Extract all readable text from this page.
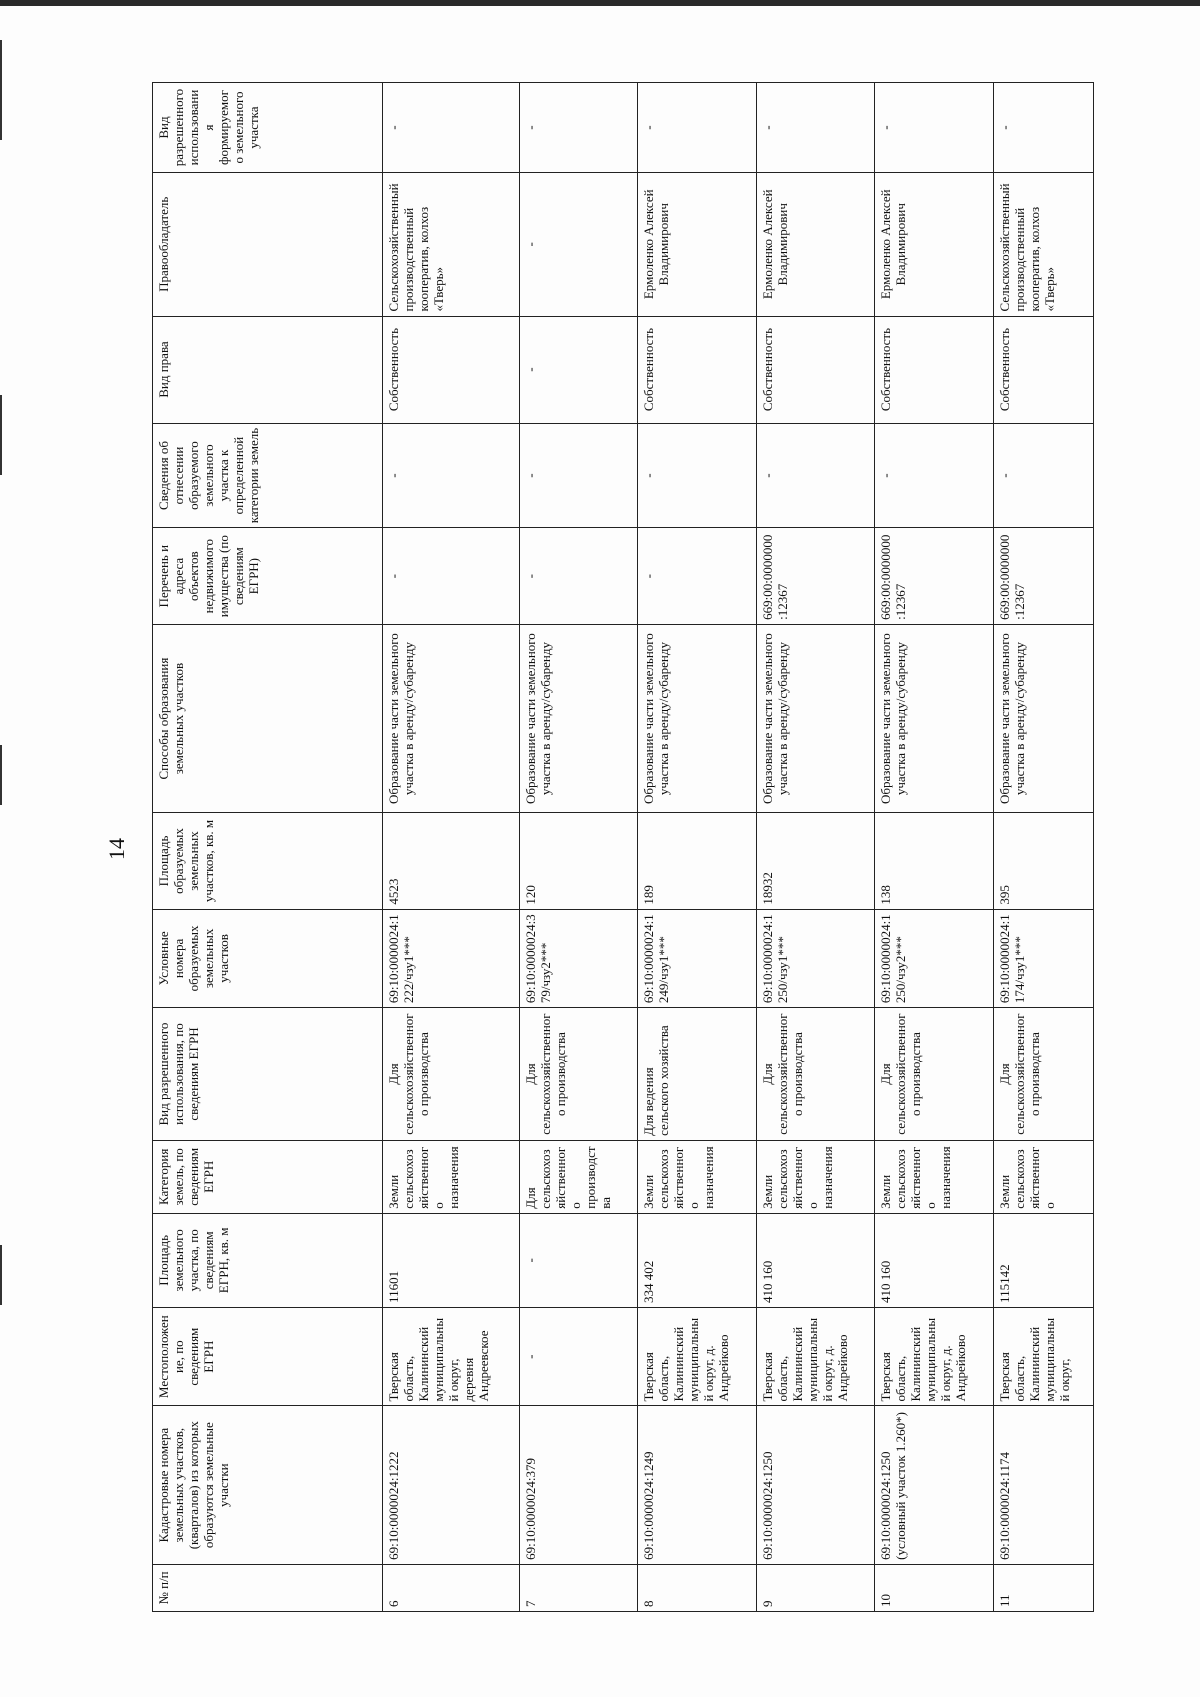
14
№ п/п	Кадастровые номера земельных участков, (кварталов) из которых образуются земельные участки	Местоположение, по сведениям ЕГРН	Площадь земельного участка, по сведениям ЕГРН, кв. м	Категория земель, по сведениям ЕГРН	Вид разрешенного использования, по сведениям ЕГРН	Условные номера образуемых земельных участков	Площадь образуемых земельных участков, кв. м	Способы образования земельных участков	Перечень и адреса объектов недвижимого имущества (по сведениям ЕГРН)	Сведения об отнесении образуемого земельного участка к определенной категории земель	Вид права	Правообладатель	Вид разрешенного использования формируемого земельного участка
6	69:10:0000024:1222	Тверская область, Калининский муниципальный округ, деревня Андреевское	11601	Земли сельскохозяйственного назначения	Для сельскохозяйственного производства	69:10:0000024:1222/чзу1***	4523	Образование части земельного участка в аренду/субаренду	-	-	Собственность	Сельскохозяйственный производственный кооператив, колхоз «Тверь»	-
7	69:10:0000024:379	-	-	Для сельскохозяйственного производства	Для сельскохозяйственного производства	69:10:0000024:379/чзу2***	120	Образование части земельного участка в аренду/субаренду	-	-	-	-	-
8	69:10:0000024:1249	Тверская область, Калининский муниципальный округ, д. Андрейково	334 402	Земли сельскохозяйственного назначения	Для ведения сельского хозяйства	69:10:0000024:1249/чзу1***	189	Образование части земельного участка в аренду/субаренду	-	-	Собственность	Ермоленко Алексей Владимирович	-
9	69:10:0000024:1250	Тверская область, Калининский муниципальный округ, д. Андрейково	410 160	Земли сельскохозяйственного назначения	Для сельскохозяйственного производства	69:10:0000024:1250/чзу1***	18932	Образование части земельного участка в аренду/субаренду	669:00:0000000:12367	-	Собственность	Ермоленко Алексей Владимирович	-
10	69:10:0000024:1250 (условный участок 1.260*)	Тверская область, Калининский муниципальный округ, д. Андрейково	410 160	Земли сельскохозяйственного назначения	Для сельскохозяйственного производства	69:10:0000024:1250/чзу2***	138	Образование части земельного участка в аренду/субаренду	669:00:0000000:12367	-	Собственность	Ермоленко Алексей Владимирович	-
11	69:10:0000024:1174	Тверская область, Калининский муниципальный округ,	115142	Земли сельскохозяйственного	Для сельскохозяйственного производства	69:10:0000024:1174/чзу1***	395	Образование части земельного участка в аренду/субаренду	669:00:0000000:12367	-	Собственность	Сельскохозяйственный производственный кооператив, колхоз «Тверь»	-
